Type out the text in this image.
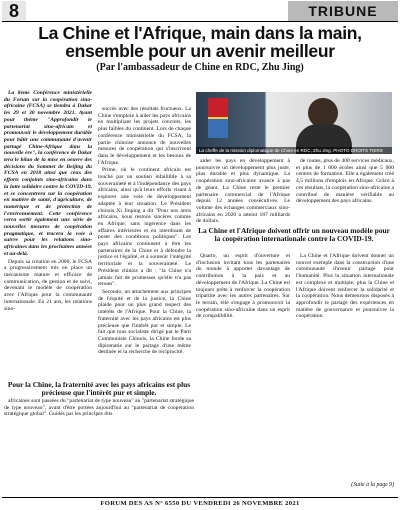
8	TRIBUNE
La Chine et l'Afrique, main dans la main, ensemble pour un avenir meilleur
(Par l'ambassadeur de Chine en RDC, Zhu Jing)

La 8ème Conférence ministérielle du Forum sur la coopération sino-africaine (FCSA) se tiendra à Dakar les 29 et 30 novembre 2021. Ayant pour thème "Approfondir le partenariat sino-africain et promouvoir le développement durable pour bâtir une communauté d'avenir partagé Chine-Afrique dans la nouvelle ère", la conférence de Dakar tera le bilan de la mise en oeuvre des décisions du Sommet de Beijing du FCSA en 2018 ainsi que ceux des efforts conjoints sino-africains dans la lutte solidaire contre la COVID-19, et se concentrera sur la coopération en matière de santé, d'agriculture, de numérique et de protection de l'environnement. Cette conférence verra sortir également une série de nouvelles mesures de coopération pragmatique, et tracera la voie à suivre pour les relations sino-africaines dans les prochaines années et au-delà.

Depuis sa création en 2000, le FCSA a progressivement mis en place un mécanisme mature et efficace de communication, de gestion et de suivi, devenant le modèle de coopération avec l'Afrique pour la communauté internationale. En 21 ans, les relations sino-

succès avec des résultats fructueux. La Chine s'emploie à aider les pays africains en multipliant les projets concrets, les plus faibles du continent. Lors de chaque conférence ministérielle du FCSA, la partie chinoise annonce de nouvelles mesures de coopération qui s'inscrivent dans le développement et les besoins de l'Afrique.

Prime, où le continent africain est touché par un soutien infaillible à sa souveraineté et à l'indépendance des pays africains, ainsi qu'à leurs efforts visant à explorer une voie de développement adaptée à leur situation. Le Président chinois Xi Jinping a dit "Pour nos amis africains, nous restons sincères comme en Afrique, sans ingérence dans les affaires intérieures et en interdisant de poser des conditions politiques". Les pays africains continuent à être les partenaires de la Chine et à défendre la justice et l'égalité, et à soutenir l'intégrité territoriale et la souveraineté. Le Président chinois a dit : "la Chine n'a jamais fait de promesses qu'elle n'a pas tenues".

Secondo, un attachement aux principes de l'équité et de la justice, la Chine plaide pour un plus grand respect des intérêts de l'Afrique. Pour la Chine, la fraternité avec les pays africains est plus précieuse que l'intérêt pur et simple. Le fait que tous socialiste dirigé par le Parti Communiste Chinois, la Chine fonde sa diplomatie sur le partage d'une même destinée et la recherche de réciprocité.

La cheffe de la mission diplomatique de Chine en RDC, Zhu Jing. PHOTO DROITS TIERS

aider les pays en développement à poursuivre un développement plus juste, plus durable et plus dynamique. La coopération sino-africaine avance à pas de géant. La Chine reste le premier partenaire commercial de l'Afrique depuis 12 années consécutives. Le volume des échanges commerciaux sino-africains en 2020 a atteint 187 milliards de dollars.

de routes, plus de 400 services médicaux, et plus de 1 000 écoles ainsi que 5 000 centres de formation. Elle a également créé 4,5 millions d'emplois en Afrique. Grâce à ces résultats, la coopération sino-africaine a contribué de manière vérifiable au développement des pays africains.

La Chine et l'Afrique doivent offrir un nouveau modèle pour la coopération internationale contre la COVID-19.

Quarto, un esprit d'ouverture et d'inclusion invitant tous les partenaires du monde à apporter davantage de contribution à la paix et au développement de l'Afrique. La Chine est toujours prête à renforcer la coopération tripartite avec les autres partenaires. Sur le terrain, elle s'engage à promouvoir la coopération sino-africaine dans un esprit de compatibilité.

La Chine et l'Afrique doivent donner un nouvel exemple dans la construction d'une communauté d'avenir partagé pour l'humanité. Plus la situation internationale est complexe et multiple, plus la Chine et l'Afrique doivent renforcer la solidarité et la coopération. Nous demeurons disposés à approfondir le partage des expériences en matière de gouvernance et poursuivre la coopération.

africaines sont passées du "partenariat de type nouveau" au "partenariat stratégique de type nouveau", avant d'être portées aujourd'hui au "partenariat de coopération stratégique global". Guidés par les principes dits

Pour la Chine, la fraternité avec les pays africains est plus précieuse que l'intérêt pur et simple.

(Suite à la page 9)
FORUM DES AS N° 6550 DU VENDREDI 26 NOVEMBRE 2021
